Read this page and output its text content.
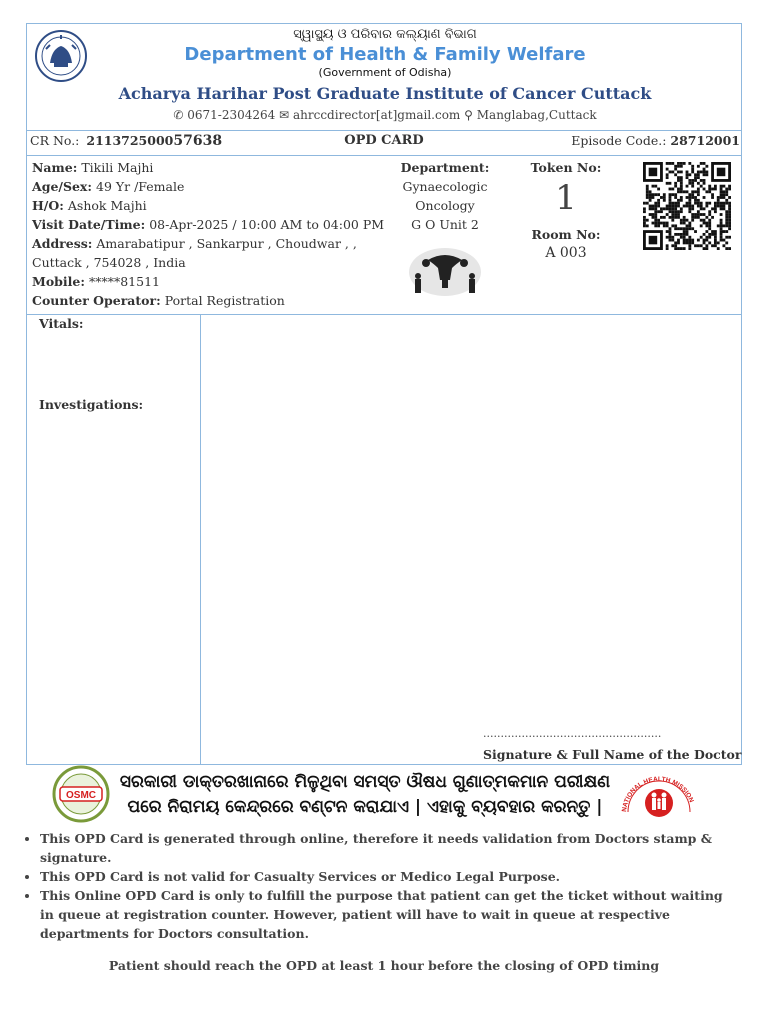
ସ୍ୱାସ୍ଥ୍ୟ ଓ ପରିବାର କଲ୍ୟାଣ ବିଭାଗ
Department of Health & Family Welfare
(Government of Odisha)
Acharya Harihar Post Graduate Institute of Cancer Cuttack
✆ 0671-2304264 ✉ ahrccdirector[at]gmail.com ⚲ Manglabag,Cuttack
CR No.: 211372500057638	OPD CARD	Episode Code.: 28712001
Name: Tikili Majhi
Age/Sex: 49 Yr /Female
H/O: Ashok Majhi
Visit Date/Time: 08-Apr-2025 / 10:00 AM to 04:00 PM
Address: Amarabatipur , Sankarpur , Choudwar , ,
Cuttack , 754028 , India
Mobile: *****81511
Counter Operator: Portal Registration
Department:
Gynaecologic
Oncology
G O Unit 2
Token No:
1
Room No:
A 003
Vitals:
Investigations:
...................................................
Signature & Full Name of the Doctor
OSMC
ସରକାରୀ ଡାକ୍ତରଖାନାରେ ମିଳୁଥିବା ସମସ୍ତ ଔଷଧ ଗୁଣାତ୍ମକମାନ ପରୀକ୍ଷଣ
ପରେ ନିରାମୟ କେନ୍ଦ୍ରରେ ବଣ୍ଟନ କରାଯାଏ | ଏହାକୁ ବ୍ୟବହାର କରନ୍ତୁ |	NATIONAL HEALTH MISSION
• This OPD Card is generated through online, therefore it needs validation from Doctors stamp & signature.
• This OPD Card is not valid for Casualty Services or Medico Legal Purpose.
• This Online OPD Card is only to fulfill the purpose that patient can get the ticket without waiting in queue at registration counter. However, patient will have to wait in queue at respective departments for Doctors consultation.
Patient should reach the OPD at least 1 hour before the closing of OPD timing
